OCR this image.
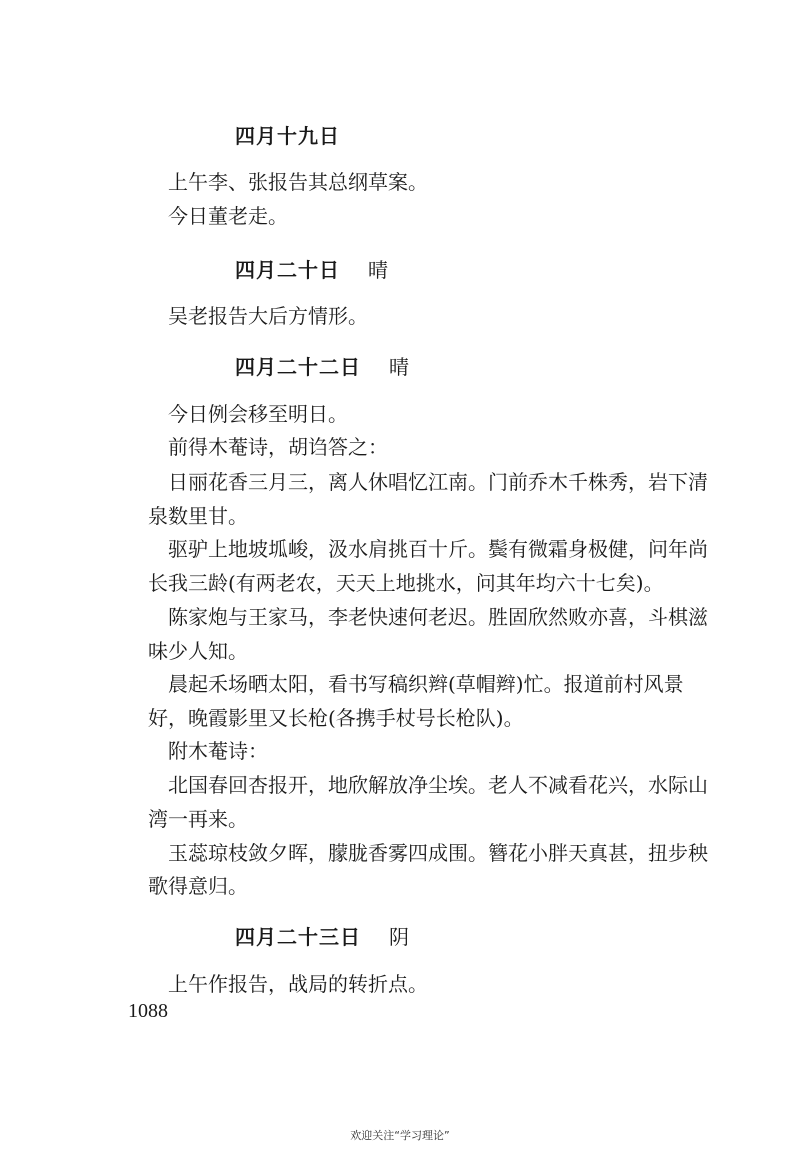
四月十九日
上午李、张报告其总纲草案。
今日董老走。
四月二十日 晴
吴老报告大后方情形。
四月二十二日 晴
今日例会移至明日。
前得木菴诗，胡诌答之：
日丽花香三月三，离人休唱忆江南。门前乔木千株秀，岩下清
泉数里甘。
驱驴上地坡坬峻，汲水肩挑百十斤。鬓有微霜身极健，问年尚
长我三龄(有两老农，天天上地挑水，问其年均六十七矣)。
陈家炮与王家马，李老快速何老迟。胜固欣然败亦喜，斗棋滋
味少人知。
晨起禾场晒太阳，看书写稿织辫(草帽辫)忙。报道前村风景
好，晚霞影里又长枪(各携手杖号长枪队)。
附木菴诗：
北国春回杏报开，地欣解放净尘埃。老人不减看花兴，水际山
湾一再来。
玉蕊琼枝敛夕晖，朦胧香雾四成围。簪花小胖天真甚，扭步秧
歌得意归。
四月二十三日 阴
上午作报告，战局的转折点。
1088
欢迎关注“学习理论”
